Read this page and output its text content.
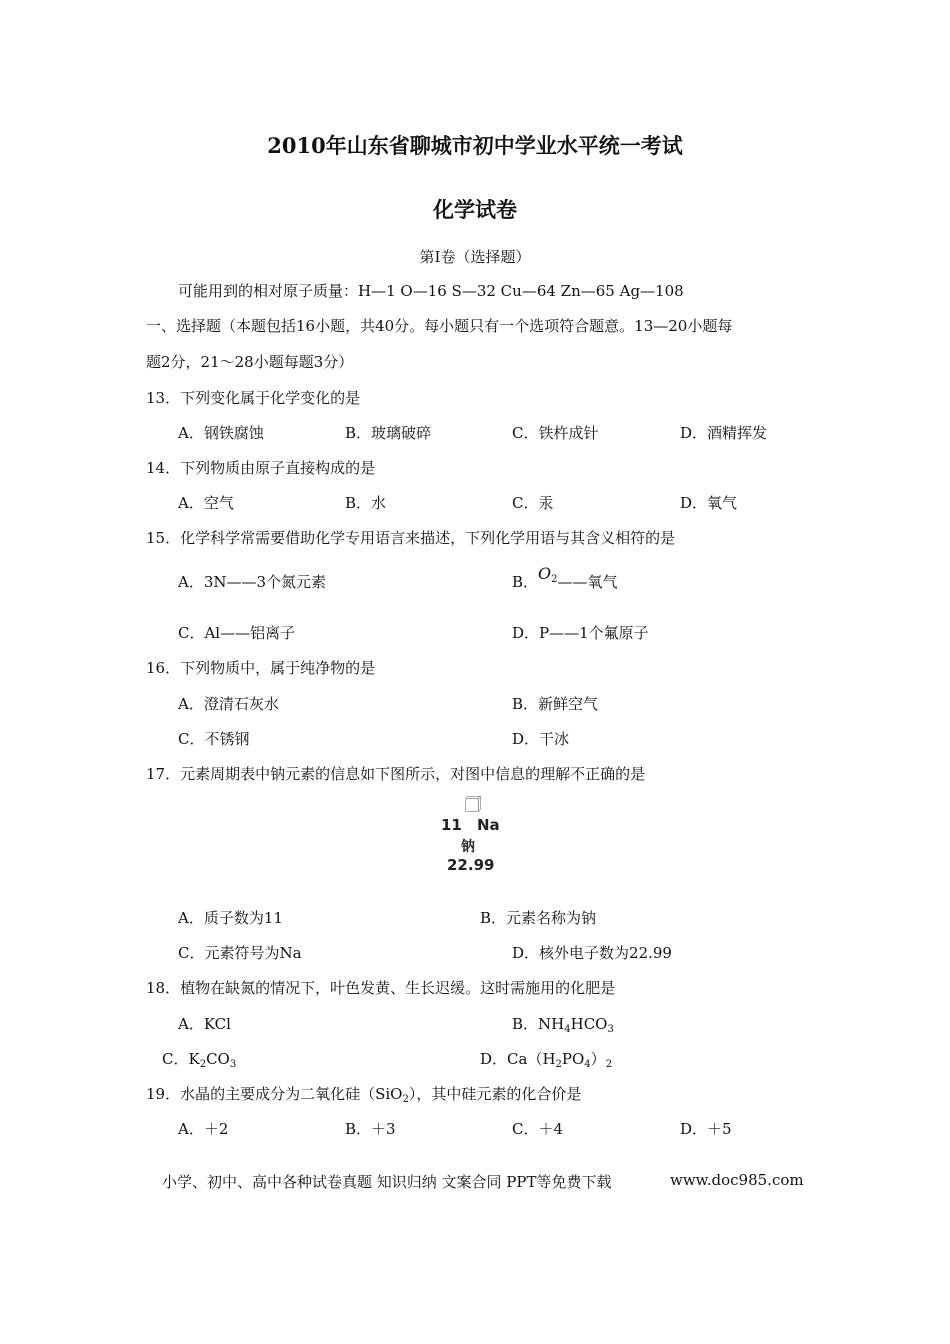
2010年山东省聊城市初中学业水平统一考试
化学试卷
第Ⅰ卷（选择题）
可能用到的相对原子质量：H—1 O—16 S—32 Cu—64 Zn—65 Ag—108
一、选择题（本题包括16小题，共40分。每小题只有一个选项符合题意。13—20小题每
题2分，21～28小题每题3分）
13．下列变化属于化学变化的是
A．钢铁腐蚀	B．玻璃破碎	C．铁杵成针	D．酒精挥发
14．下列物质由原子直接构成的是
A．空气	B．水	C．汞	D．氧气
15．化学科学常需要借助化学专用语言来描述，下列化学用语与其含义相符的是
A．3N——3个氮元素	B．$O_2——$氧气
C．Al——铝离子	D．P——1个氟原子
16．下列物质中，属于纯净物的是
A．澄清石灰水	B．新鲜空气
C．不锈钢	D．干冰
17．元素周期表中钠元素的信息如下图所示，对图中信息的理解不正确的是
11 Na
钠
22.99
A．质子数为11	B．元素名称为钠
C．元素符号为Na	D．核外电子数为22.99
18．植物在缺氮的情况下，叶色发黄、生长迟缓。这时需施用的化肥是
A．KCl	B．$NH_4HCO_3$
C．$K_2CO_3$	D．$Ca(H_2PO_4)_2$
19．水晶的主要成分为二氧化硅（SiO$_2$），其中硅元素的化合价是
A．＋2	B．＋3	C．＋4	D．＋5
小学、初中、高中各种试卷真题 知识归纳 文案合同 PPT等免费下载	www.doc985.com
